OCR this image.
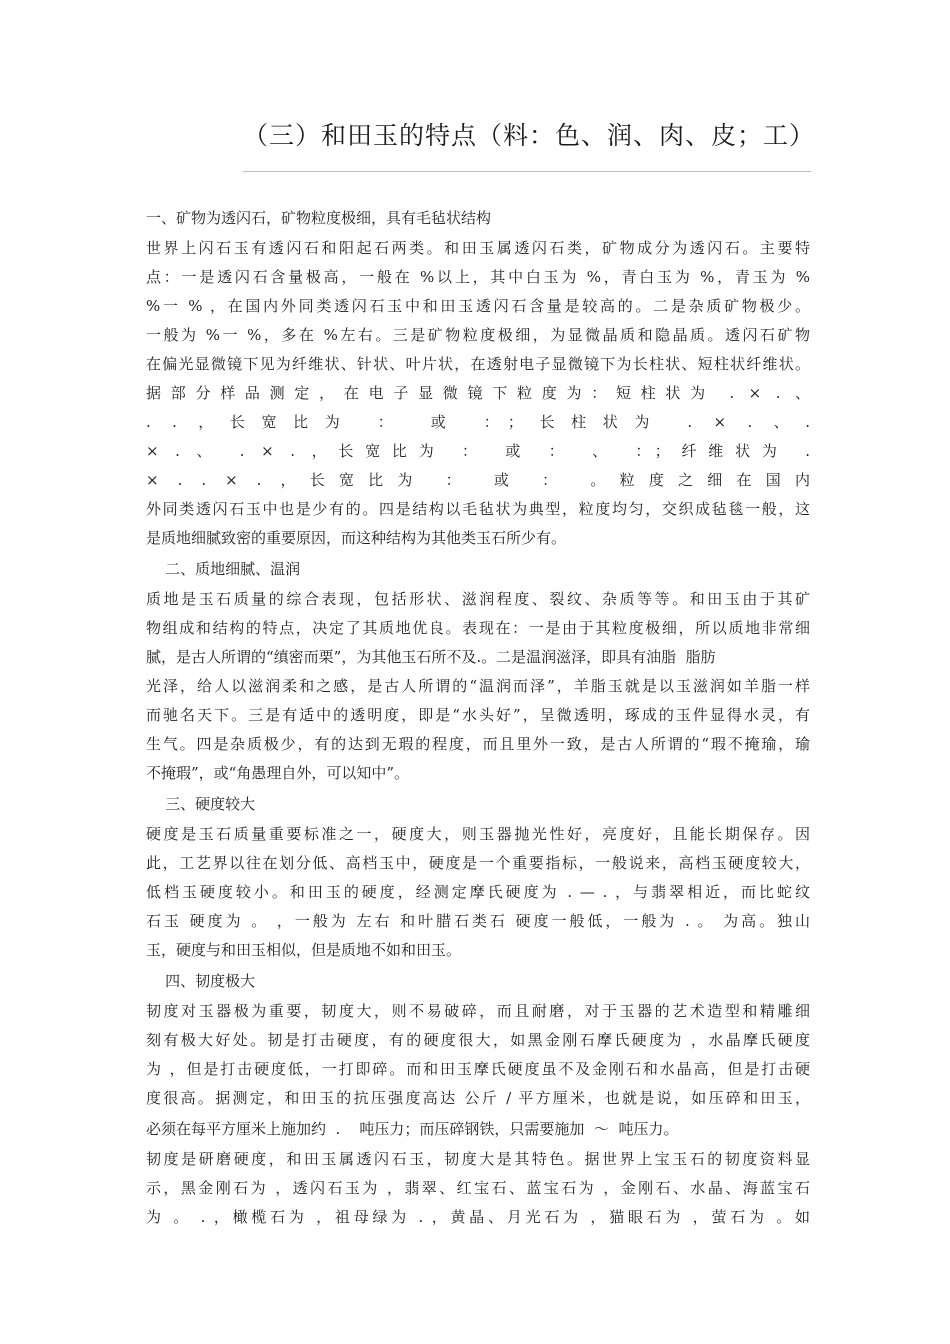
（三）和田玉的特点（料：色、润、肉、皮；工）
一、矿物为透闪石，矿物粒度极细，具有毛毡状结构
世界上闪石玉有透闪石和阳起石两类。和田玉属透闪石类，矿物成分为透闪石。主要特
点：一是透闪石含量极高，一般在 %以上，其中白玉为 %，青白玉为 %，青玉为 %
%一 % ，在国内外同类透闪石玉中和田玉透闪石含量是较高的。二是杂质矿物极少。
一般为 %一 %，多在 %左右。三是矿物粒度极细，为显微晶质和隐晶质。透闪石矿物
在偏光显微镜下见为纤维状、针状、叶片状，在透射电子显微镜下为长柱状、短柱状纤维状。
据部分样品测定，在电子显微镜下粒度为：短柱状为 . × . 、
. . ，长宽比为 ： 或 ：；长柱状为 . × . 、.
× . 、 . × . ，长宽比为 ： 或 ： 、 ：；纤维状为 .
× . . × . ，长宽比为 ： 或 ： 。粒度之细在国内
外同类透闪石玉中也是少有的。四是结构以毛毡状为典型，粒度均匀，交织成毡毯一般，这
是质地细腻致密的重要原因，而这种结构为其他类玉石所少有。
二、质地细腻、温润
质地是玉石质量的综合表现，包括形状、滋润程度、裂纹、杂质等等。和田玉由于其矿
物组成和结构的特点，决定了其质地优良。表现在：一是由于其粒度极细，所以质地非常细
腻，是古人所谓的“缜密而栗”，为其他玉石所不及.。二是温润滋泽，即具有油脂  脂肪
光泽，给人以滋润柔和之感，是古人所谓的“温润而泽”，羊脂玉就是以玉滋润如羊脂一样
而驰名天下。三是有适中的透明度，即是“水头好”，呈微透明，琢成的玉件显得水灵，有
生气。四是杂质极少，有的达到无瑕的程度，而且里外一致，是古人所谓的“瑕不掩瑜，瑜
不掩瑕”，或“角愚理自外，可以知中”。
三、硬度较大
硬度是玉石质量重要标准之一，硬度大，则玉器抛光性好，亮度好，且能长期保存。因
此，工艺界以往在划分低、高档玉中，硬度是一个重要指标，一般说来，高档玉硬度较大，
低档玉硬度较小。和田玉的硬度，经测定摩氏硬度为 . — . ，与翡翠相近，而比蛇纹
石玉 硬度为 。 ，一般为 左右 和叶腊石类石 硬度一般低，一般为 . 。 为高。独山
玉，硬度与和田玉相似，但是质地不如和田玉。
四、韧度极大
韧度对玉器极为重要，韧度大，则不易破碎，而且耐磨，对于玉器的艺术造型和精雕细
刻有极大好处。韧是打击硬度，有的硬度很大，如黑金刚石摩氏硬度为 ，水晶摩氏硬度
为 ，但是打击硬度低，一打即碎。而和田玉摩氏硬度虽不及金刚石和水晶高，但是打击硬
度很高。据测定，和田玉的抗压强度高达 公斤 / 平方厘米，也就是说，如压碎和田玉，
必须在每平方厘米上施加约  .    吨压力；而压碎钢铁，只需要施加  ～  吨压力。
韧度是研磨硬度，和田玉属透闪石玉，韧度大是其特色。据世界上宝玉石的韧度资料显
示，黑金刚石为 ，透闪石玉为 ，翡翠、红宝石、蓝宝石为 ，金刚石、水晶、海蓝宝石
为 。 . ，橄榄石为 ，祖母绿为 . ，黄晶、月光石为 ，猫眼石为 ，萤石为 。如
